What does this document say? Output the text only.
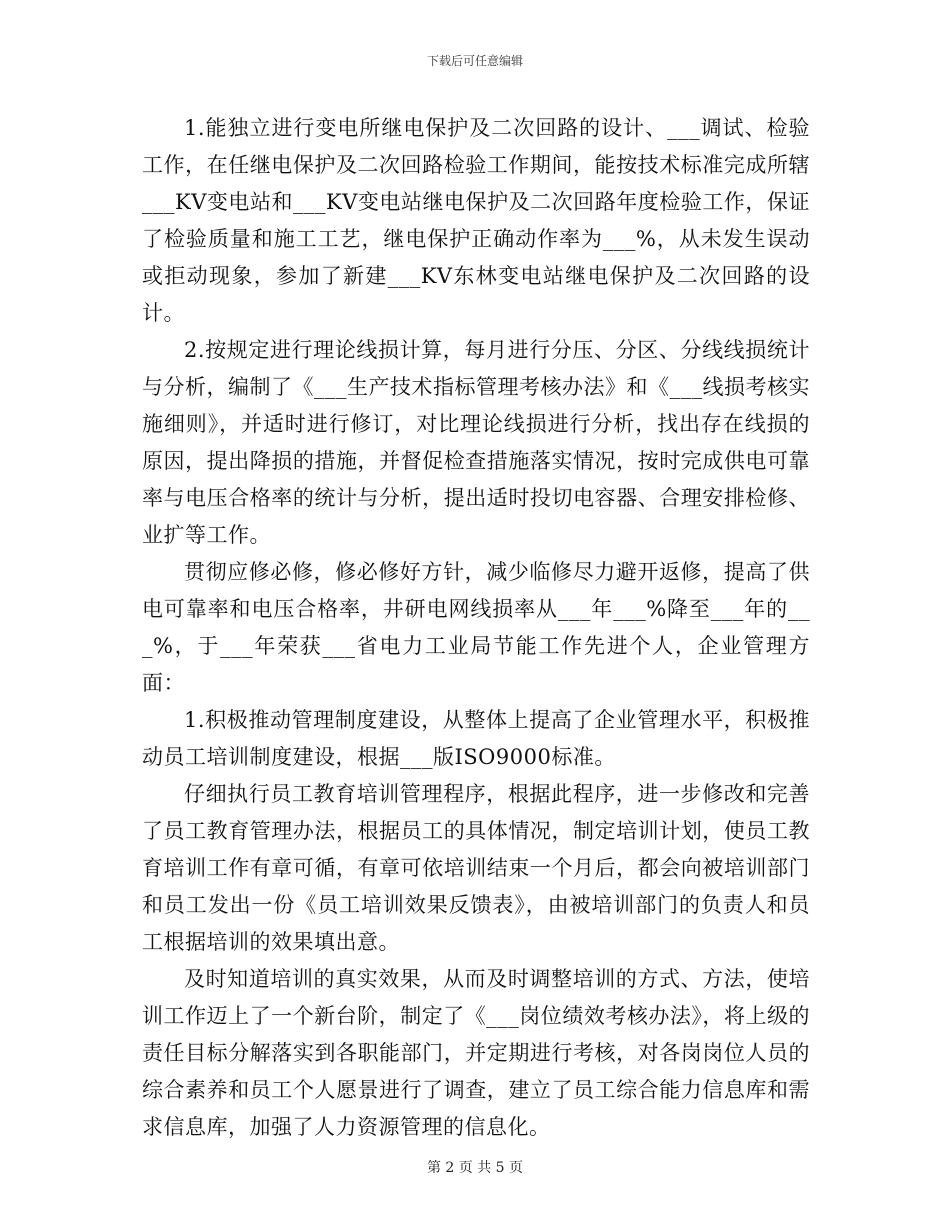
下载后可任意编辑

1.能独立进行变电所继电保护及二次回路的设计、___调试、检验工作，在任继电保护及二次回路检验工作期间，能按技术标准完成所辖___KV变电站和___KV变电站继电保护及二次回路年度检验工作，保证了检验质量和施工工艺，继电保护正确动作率为___%，从未发生误动或拒动现象，参加了新建___KV东林变电站继电保护及二次回路的设计。

2.按规定进行理论线损计算，每月进行分压、分区、分线线损统计与分析，编制了《___生产技术指标管理考核办法》和《___线损考核实施细则》，并适时进行修订，对比理论线损进行分析，找出存在线损的原因，提出降损的措施，并督促检查措施落实情况，按时完成供电可靠率与电压合格率的统计与分析，提出适时投切电容器、合理安排检修、业扩等工作。

贯彻应修必修，修必修好方针，减少临修尽力避开返修，提高了供电可靠率和电压合格率，井研电网线损率从___年___%降至___年的___%，于___年荣获___省电力工业局节能工作先进个人，企业管理方面：

1.积极推动管理制度建设，从整体上提高了企业管理水平，积极推动员工培训制度建设，根据___版ISO9000标准。

仔细执行员工教育培训管理程序，根据此程序，进一步修改和完善了员工教育管理办法，根据员工的具体情况，制定培训计划，使员工教育培训工作有章可循，有章可依培训结束一个月后，都会向被培训部门和员工发出一份《员工培训效果反馈表》，由被培训部门的负责人和员工根据培训的效果填出意。

及时知道培训的真实效果，从而及时调整培训的方式、方法，使培训工作迈上了一个新台阶，制定了《___岗位绩效考核办法》，将上级的责任目标分解落实到各职能部门，并定期进行考核，对各岗岗位人员的综合素养和员工个人愿景进行了调查，建立了员工综合能力信息库和需求信息库，加强了人力资源管理的信息化。

第 2 页 共 5 页
